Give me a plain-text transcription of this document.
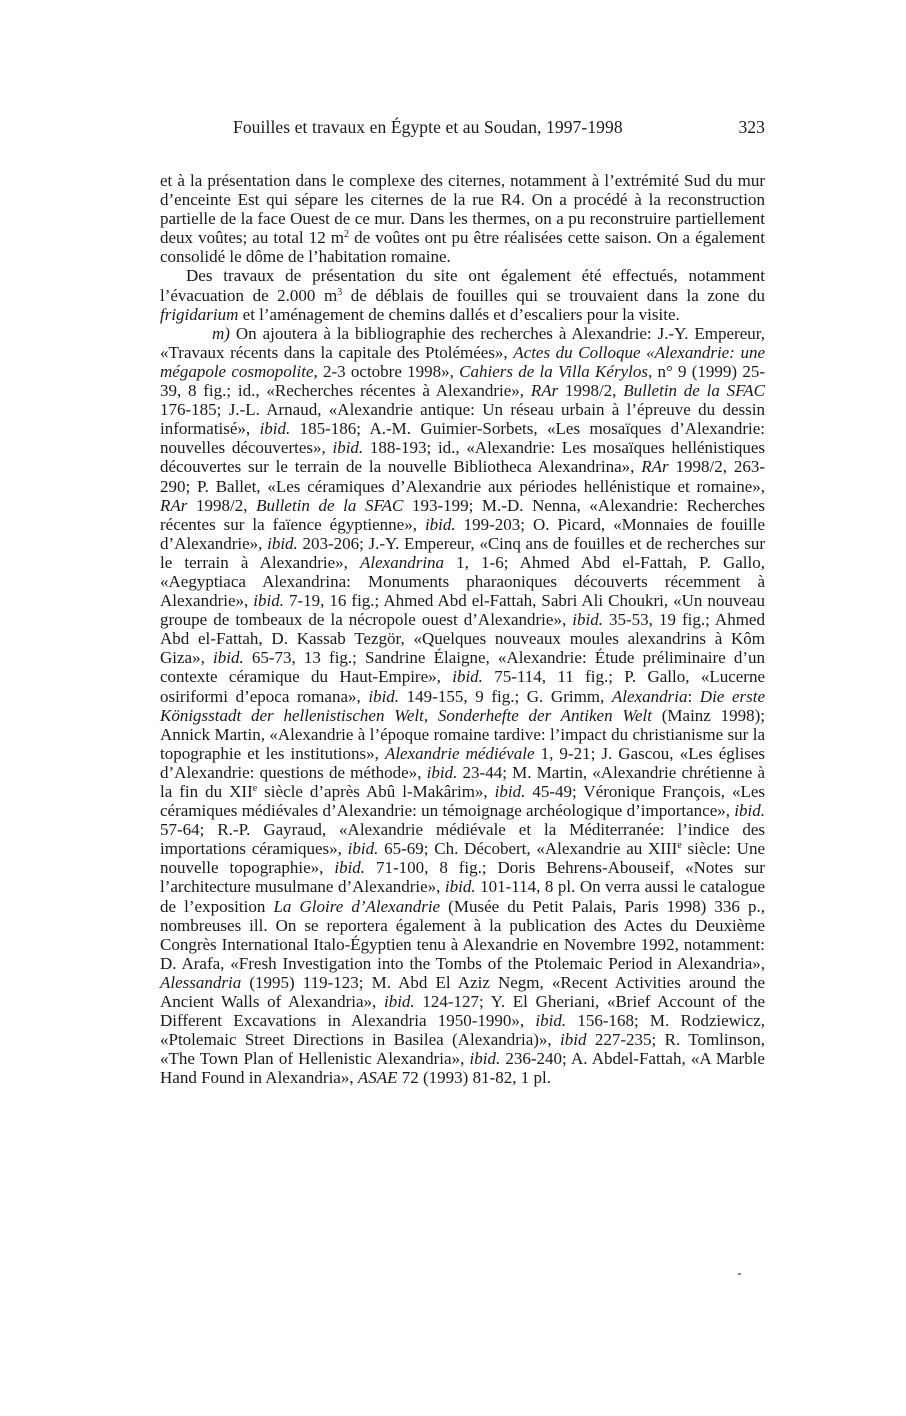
Fouilles et travaux en Égypte et au Soudan, 1997-1998	323

et à la présentation dans le complexe des citernes, notamment à l’extrémité Sud du mur d’enceinte Est qui sépare les citernes de la rue R4. On a procédé à la reconstruction partielle de la face Ouest de ce mur. Dans les thermes, on a pu reconstruire partiellement deux voûtes; au total 12 $m^2$ de voûtes ont pu être réalisées cette saison. On a également consolidé le dôme de l’habitation romaine.

Des travaux de présentation du site ont également été effectués, notamment l’évacuation de 2.000 $m^3$ de déblais de fouilles qui se trouvaient dans la zone du frigidarium et l’aménagement de chemins dallés et d’escaliers pour la visite.

m) On ajoutera à la bibliographie des recherches à Alexandrie: J.-Y. Empereur, «Travaux récents dans la capitale des Ptolémées», Actes du Colloque «Alexandrie: une mégapole cosmopolite, 2-3 octobre 1998», Cahiers de la Villa Kérylos, n° 9 (1999) 25-39, 8 fig.; id., «Recherches récentes à Alexandrie», RAr 1998/2, Bulletin de la SFAC 176-185; J.-L. Arnaud, «Alexandrie antique: Un réseau urbain à l’épreuve du dessin informatisé», ibid. 185-186; A.-M. Guimier-Sorbets, «Les mosaïques d’Alexandrie: nouvelles découvertes», ibid. 188-193; id., «Alexandrie: Les mosaïques hellénistiques découvertes sur le terrain de la nouvelle Bibliotheca Alexandrina», RAr 1998/2, 263-290; P. Ballet, «Les céramiques d’Alexandrie aux périodes hellénistique et romaine», RAr 1998/2, Bulletin de la SFAC 193-199; M.-D. Nenna, «Alexandrie: Recherches récentes sur la faïence égyptienne», ibid. 199-203; O. Picard, «Monnaies de fouille d’Alexandrie», ibid. 203-206; J.-Y. Empereur, «Cinq ans de fouilles et de recherches sur le terrain à Alexandrie», Alexandrina 1, 1-6; Ahmed Abd el-Fattah, P. Gallo, «Aegyptiaca Alexandrina: Monuments pharaoniques découverts récemment à Alexandrie», ibid. 7-19, 16 fig.; Ahmed Abd el-Fattah, Sabri Ali Choukri, «Un nouveau groupe de tombeaux de la nécropole ouest d’Alexandrie», ibid. 35-53, 19 fig.; Ahmed Abd el-Fattah, D. Kassab Tezgör, «Quelques nouveaux moules alexandrins à Kôm Giza», ibid. 65-73, 13 fig.; Sandrine Élaigne, «Alexandrie: Étude préliminaire d’un contexte céramique du Haut-Empire», ibid. 75-114, 11 fig.; P. Gallo, «Lucerne osiriformi d’epoca romana», ibid. 149-155, 9 fig.; G. Grimm, Alexandria: Die erste Königsstadt der hellenistischen Welt, Sonderhefte der Antiken Welt (Mainz 1998); Annick Martin, «Alexandrie à l’époque romaine tardive: l’impact du christianisme sur la topographie et les institutions», Alexandrie médiévale 1, 9-21; J. Gascou, «Les églises d’Alexandrie: questions de méthode», ibid. 23-44; M. Martin, «Alexandrie chrétienne à la fin du XIIe siècle d’après Abû l-Makârim», ibid. 45-49; Véronique François, «Les céramiques médiévales d’Alexandrie: un témoignage archéologique d’importance», ibid. 57-64; R.-P. Gayraud, «Alexandrie médiévale et la Méditerranée: l’indice des importations céramiques», ibid. 65-69; Ch. Décobert, «Alexandrie au XIIIe siècle: Une nouvelle topographie», ibid. 71-100, 8 fig.; Doris Behrens-Abouseif, «Notes sur l’architecture musulmane d’Alexandrie», ibid. 101-114, 8 pl. On verra aussi le catalogue de l’exposition La Gloire d’Alexandrie (Musée du Petit Palais, Paris 1998) 336 p., nombreuses ill. On se reportera également à la publication des Actes du Deuxième Congrès International Italo-Égyptien tenu à Alexandrie en Novembre 1992, notamment: D. Arafa, «Fresh Investigation into the Tombs of the Ptolemaic Period in Alexandria», Alessandria (1995) 119-123; M. Abd El Aziz Negm, «Recent Activities around the Ancient Walls of Alexandria», ibid. 124-127; Y. El Gheriani, «Brief Account of the Different Excavations in Alexandria 1950-1990», ibid. 156-168; M. Rodziewicz, «Ptolemaic Street Directions in Basilea (Alexandria)», ibid 227-235; R. Tomlinson, «The Town Plan of Hellenistic Alexandria», ibid. 236-240; A. Abdel-Fattah, «A Marble Hand Found in Alexandria», ASAE 72 (1993) 81-82, 1 pl.
